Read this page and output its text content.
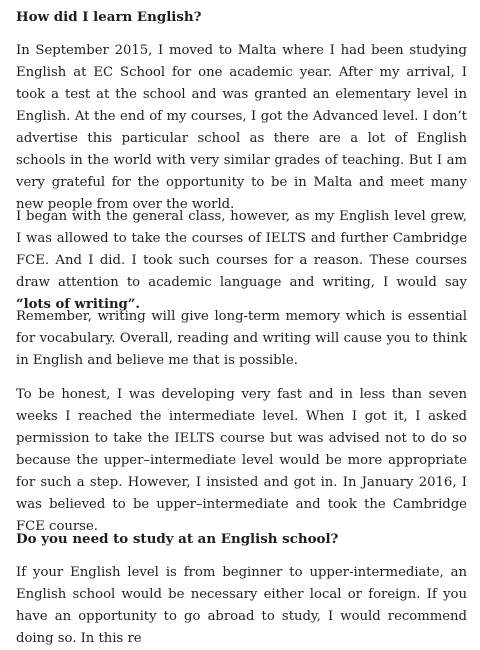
How did I learn English?

In September 2015, I moved to Malta where I had been studying English at EC School for one academic year. After my arrival, I took a test at the school and was granted an elementary level in English. At the end of my courses, I got the Advanced level. I don’t advertise this particular school as there are a lot of English schools in the world with very similar grades of teaching. But I am very grateful for the opportunity to be in Malta and meet many new people from over the world.

I began with the general class, however, as my English level grew, I was allowed to take the courses of IELTS and further Cambridge FCE. And I did. I took such courses for a reason. These courses draw attention to academic language and writing, I would say “lots of writing”.

Remember, writing will give long-term memory which is essential for vocabulary. Overall, reading and writing will cause you to think in English and believe me that is possible.

To be honest, I was developing very fast and in less than seven weeks I reached the intermediate level. When I got it, I asked permission to take the IELTS course but was advised not to do so because the upper–intermediate level would be more appropriate for such a step. However, I insisted and got in. In January 2016, I was believed to be upper–intermediate and took the Cambridge FCE course.

Do you need to study at an English school?

If your English level is from beginner to upper-intermediate, an English school would be necessary either local or foreign. If you have an opportunity to go abroad to study, I would recommend doing so. In this re
